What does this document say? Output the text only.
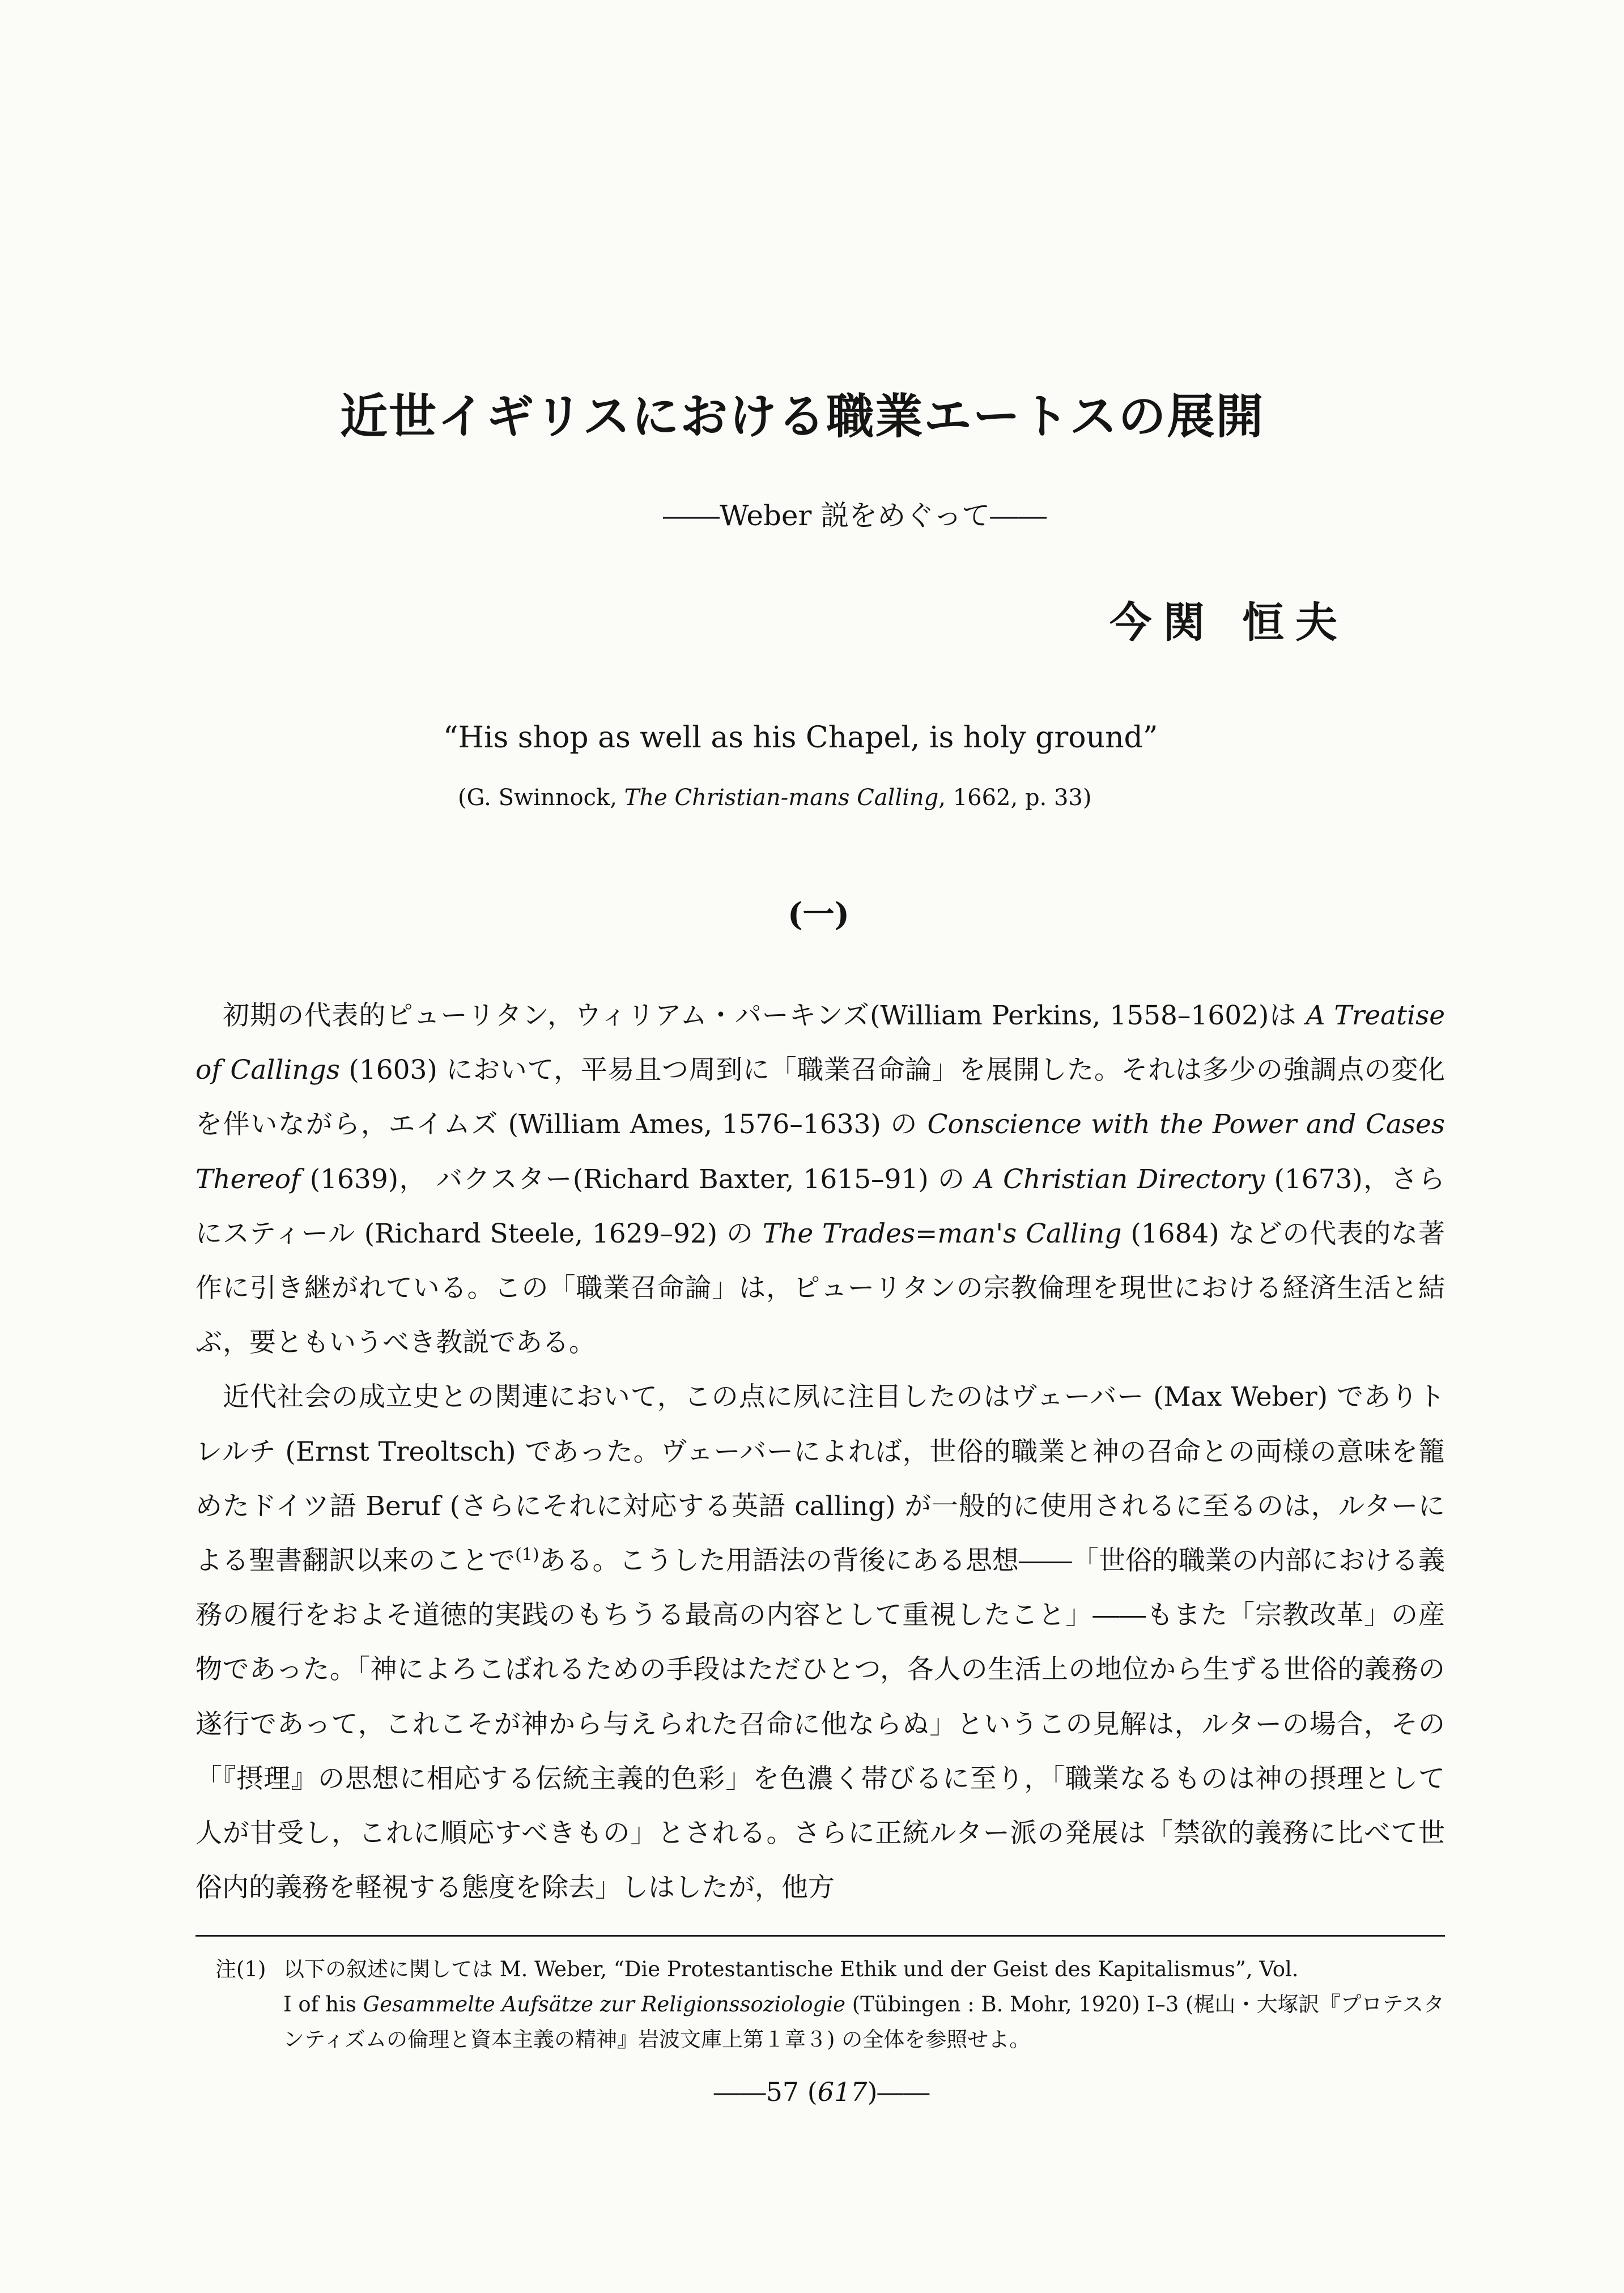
近世イギリスにおける職業エートスの展開
――Weber 説をめぐって――
今関 恒夫
“His shop as well as his Chapel, is holy ground”
(G. Swinnock, The Christian-mans Calling, 1662, p. 33)
(一)

初期の代表的ピューリタン，ウィリアム・パーキンズ(William Perkins, 1558–1602)は A Treatise of Callings (1603) において，平易且つ周到に「職業召命論」を展開した。それは多少の強調点の変化を伴いながら，エイムズ (William Ames, 1576–1633) の Conscience with the Power and Cases Thereof (1639)， バクスター(Richard Baxter, 1615–91) の A Christian Directory (1673)，さらにスティール (Richard Steele, 1629–92) の The Trades=man's Calling (1684) などの代表的な著作に引き継がれている。この「職業召命論」は，ピューリタンの宗教倫理を現世における経済生活と結ぶ，要ともいうべき教説である。

近代社会の成立史との関連において，この点に夙に注目したのはヴェーバー (Max Weber) でありトレルチ (Ernst Treoltsch) であった。ヴェーバーによれば，世俗的職業と神の召命との両様の意味を籠めたドイツ語 Beruf (さらにそれに対応する英語 calling) が一般的に使用されるに至るのは，ルターによる聖書翻訳以来のことで$^{(1)}$ある。こうした用語法の背後にある思想――「世俗的職業の内部における義務の履行をおよそ道徳的実践のもちうる最高の内容として重視したこと」――もまた「宗教改革」の産物であった。「神によろこばれるための手段はただひとつ，各人の生活上の地位から生ずる世俗的義務の遂行であって，これこそが神から与えられた召命に他ならぬ」というこの見解は，ルターの場合，その「『摂理』の思想に相応する伝統主義的色彩」を色濃く帯びるに至り，「職業なるものは神の摂理として人が甘受し，これに順応すべきもの」とされる。さらに正統ルター派の発展は「禁欲的義務に比べて世俗内的義務を軽視する態度を除去」しはしたが，他方

注(1) 以下の叙述に関しては M. Weber, “Die Protestantische Ethik und der Geist des Kapitalismus”, Vol.
I of his Gesammelte Aufsätze zur Religionssoziologie (Tübingen : B. Mohr, 1920) I–3 (梶山・大塚訳『プロテスタンティズムの倫理と資本主義の精神』岩波文庫上第１章３) の全体を参照せよ。
――57 (617)――
